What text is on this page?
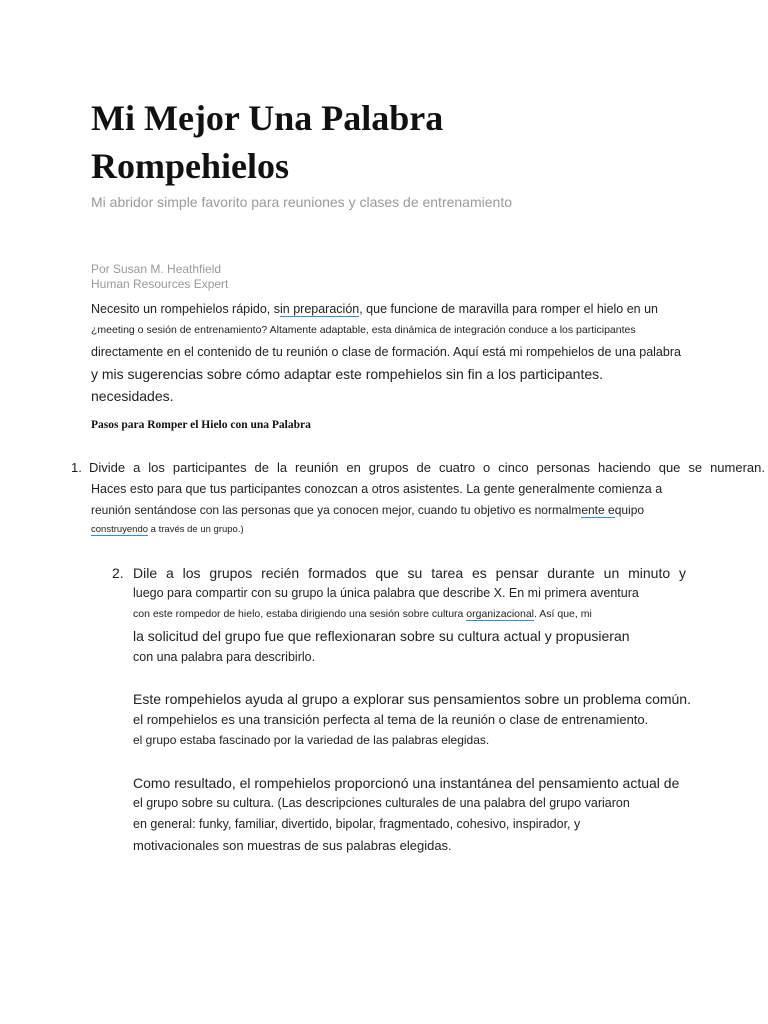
Mi Mejor Una Palabra
Rompehielos
Mi abridor simple favorito para reuniones y clases de entrenamiento
Por Susan M. Heathfield
Human Resources Expert
Necesito un rompehielos rápido, sin preparación, que funcione de maravilla para romper el hielo en un
¿meeting o sesión de entrenamiento? Altamente adaptable, esta dinámica de integración conduce a los participantes
directamente en el contenido de tu reunión o clase de formación. Aquí está mi rompehielos de una palabra
y mis sugerencias sobre cómo adaptar este rompehielos sin fin a los participantes.
necesidades.
Pasos para Romper el Hielo con una Palabra
1. Divide a los participantes de la reunión en grupos de cuatro o cinco personas haciendo que se numeran.
Haces esto para que tus participantes conozcan a otros asistentes. La gente generalmente comienza a
reunión sentándose con las personas que ya conocen mejor, cuando tu objetivo es normalmente equipo
construyendo a través de un grupo.)
2. Dile a los grupos recién formados que su tarea es pensar durante un minuto y
luego para compartir con su grupo la única palabra que describe X. En mi primera aventura
con este rompedor de hielo, estaba dirigiendo una sesión sobre cultura organizacional. Así que, mi
la solicitud del grupo fue que reflexionaran sobre su cultura actual y propusieran
con una palabra para describirlo.
Este rompehielos ayuda al grupo a explorar sus pensamientos sobre un problema común.
el rompehielos es una transición perfecta al tema de la reunión o clase de entrenamiento.
el grupo estaba fascinado por la variedad de las palabras elegidas.
Como resultado, el rompehielos proporcionó una instantánea del pensamiento actual de
el grupo sobre su cultura. (Las descripciones culturales de una palabra del grupo variaron
en general: funky, familiar, divertido, bipolar, fragmentado, cohesivo, inspirador, y
motivacionales son muestras de sus palabras elegidas.
